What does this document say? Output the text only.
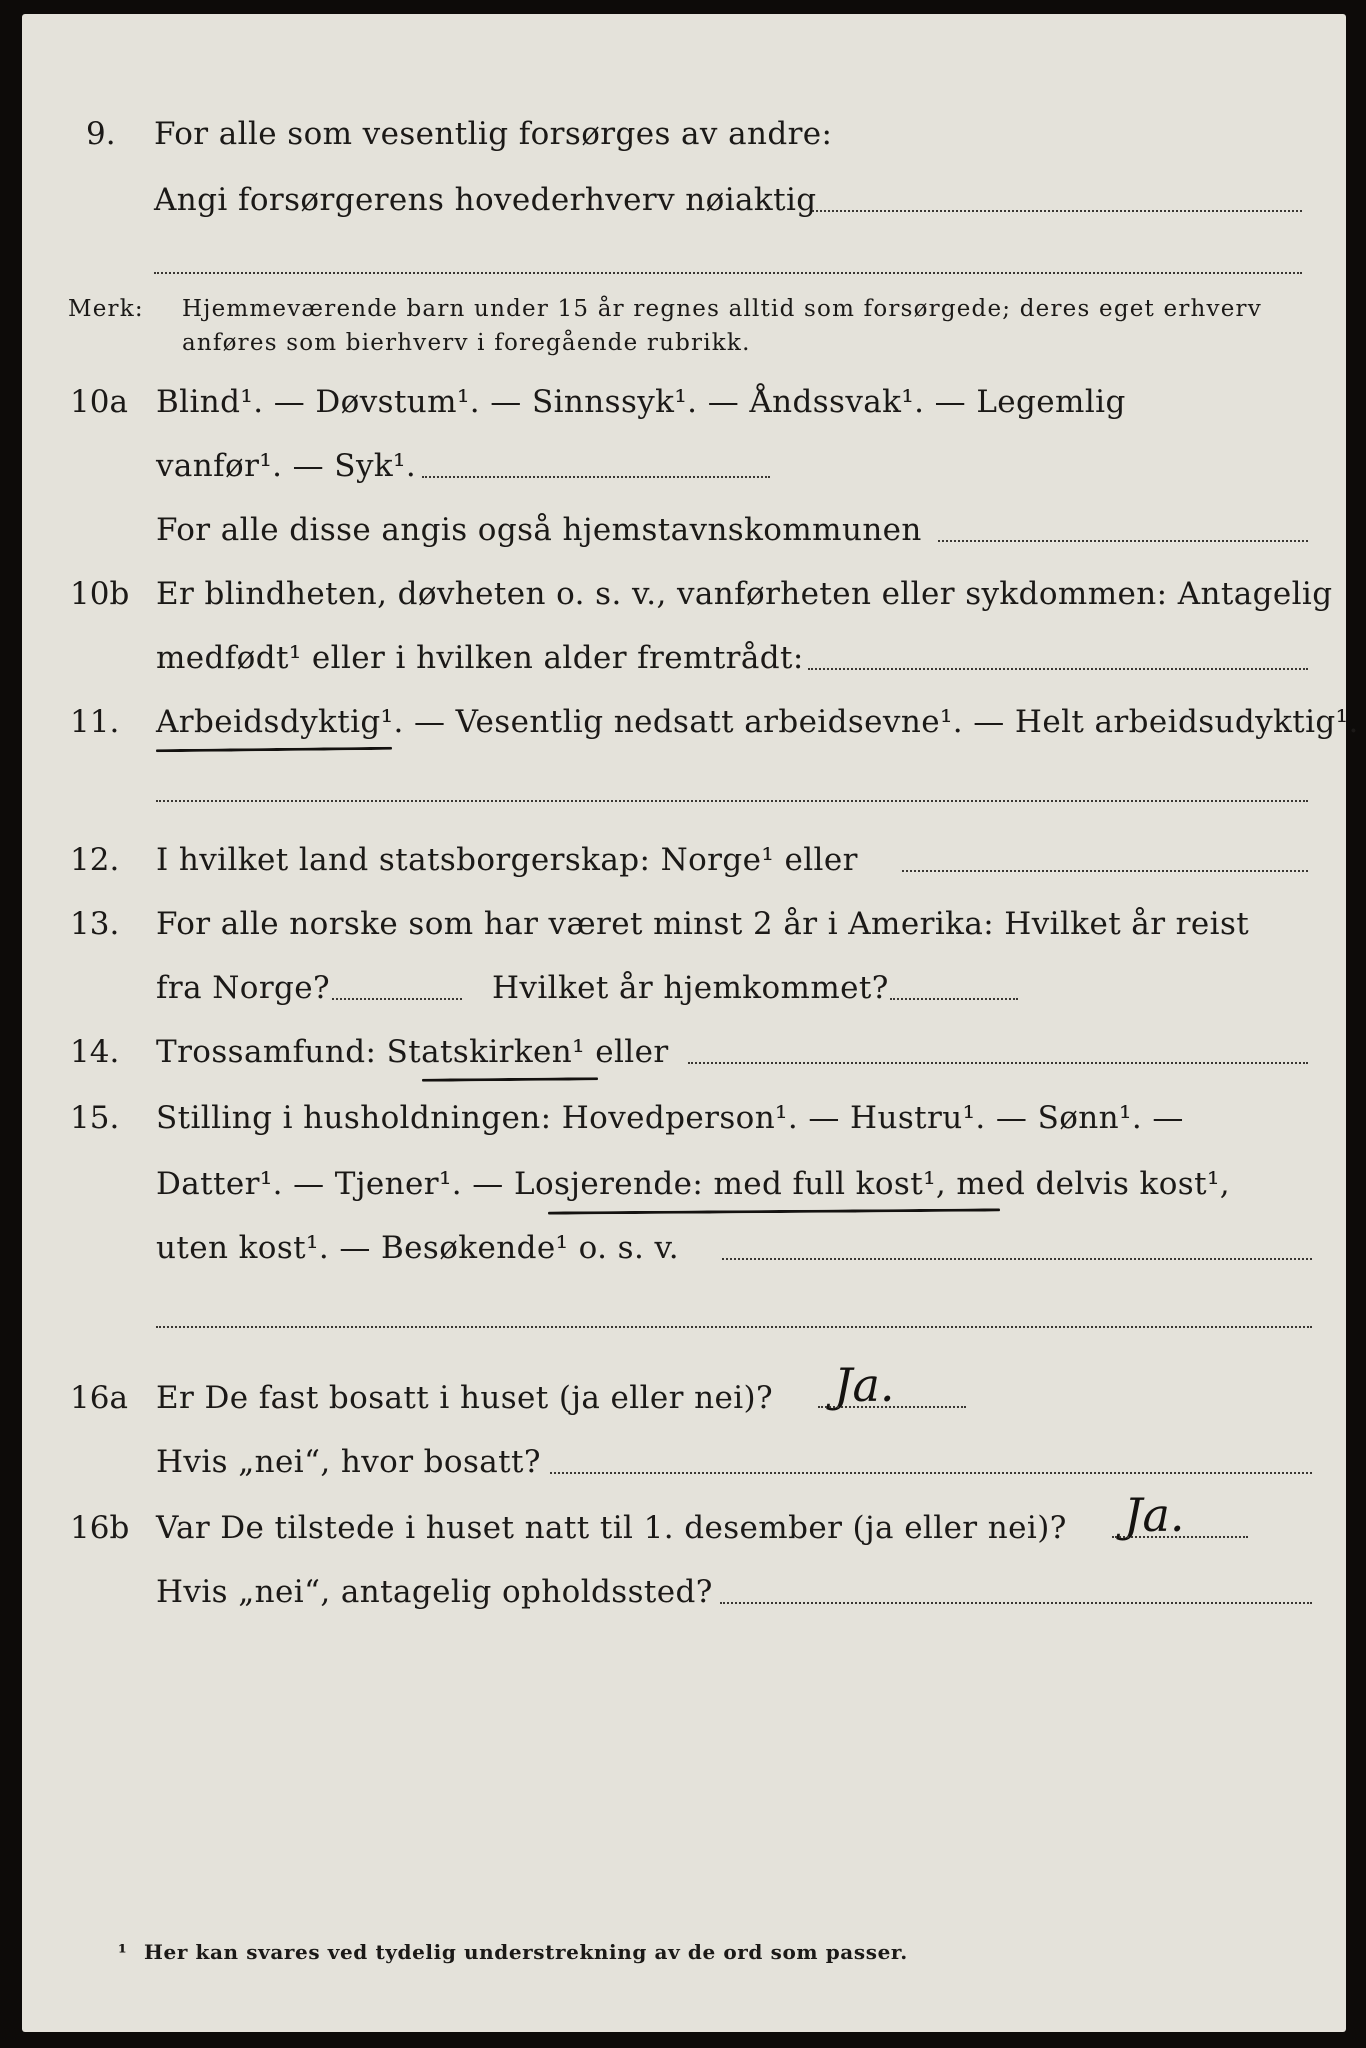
9. For alle som vesentlig forsørges av andre:
Angi forsørgerens hovederhverv nøiaktig
Merk: Hjemmeværende barn under 15 år regnes alltid som forsørgede; deres eget erhverv
anføres som bierhverv i foregående rubrikk.
10a Blind¹. — Døvstum¹. — Sinnssyk¹. — Åndssvak¹. — Legemlig
vanfør¹. — Syk¹.
For alle disse angis også hjemstavnskommunen
10b Er blindheten, døvheten o. s. v., vanførheten eller sykdommen: Antagelig
medfødt¹ eller i hvilken alder fremtrådt:
11. Arbeidsdyktig¹. — Vesentlig nedsatt arbeidsevne¹. — Helt arbeidsudyktig¹.
12. I hvilket land statsborgerskap: Norge¹ eller
13. For alle norske som har været minst 2 år i Amerika: Hvilket år reist
fra Norge?	Hvilket år hjemkommet?
14. Trossamfund: Statskirken¹ eller
15. Stilling i husholdningen: Hovedperson¹. — Hustru¹. — Sønn¹. —
Datter¹. — Tjener¹. — Losjerende: med full kost¹, med delvis kost¹,
uten kost¹. — Besøkende¹ o. s. v.
16a Er De fast bosatt i huset (ja eller nei)? Ja.
Hvis „nei“, hvor bosatt?
16b Var De tilstede i huset natt til 1. desember (ja eller nei)? Ja.
Hvis „nei“, antagelig opholdssted?
¹ Her kan svares ved tydelig understrekning av de ord som passer.
